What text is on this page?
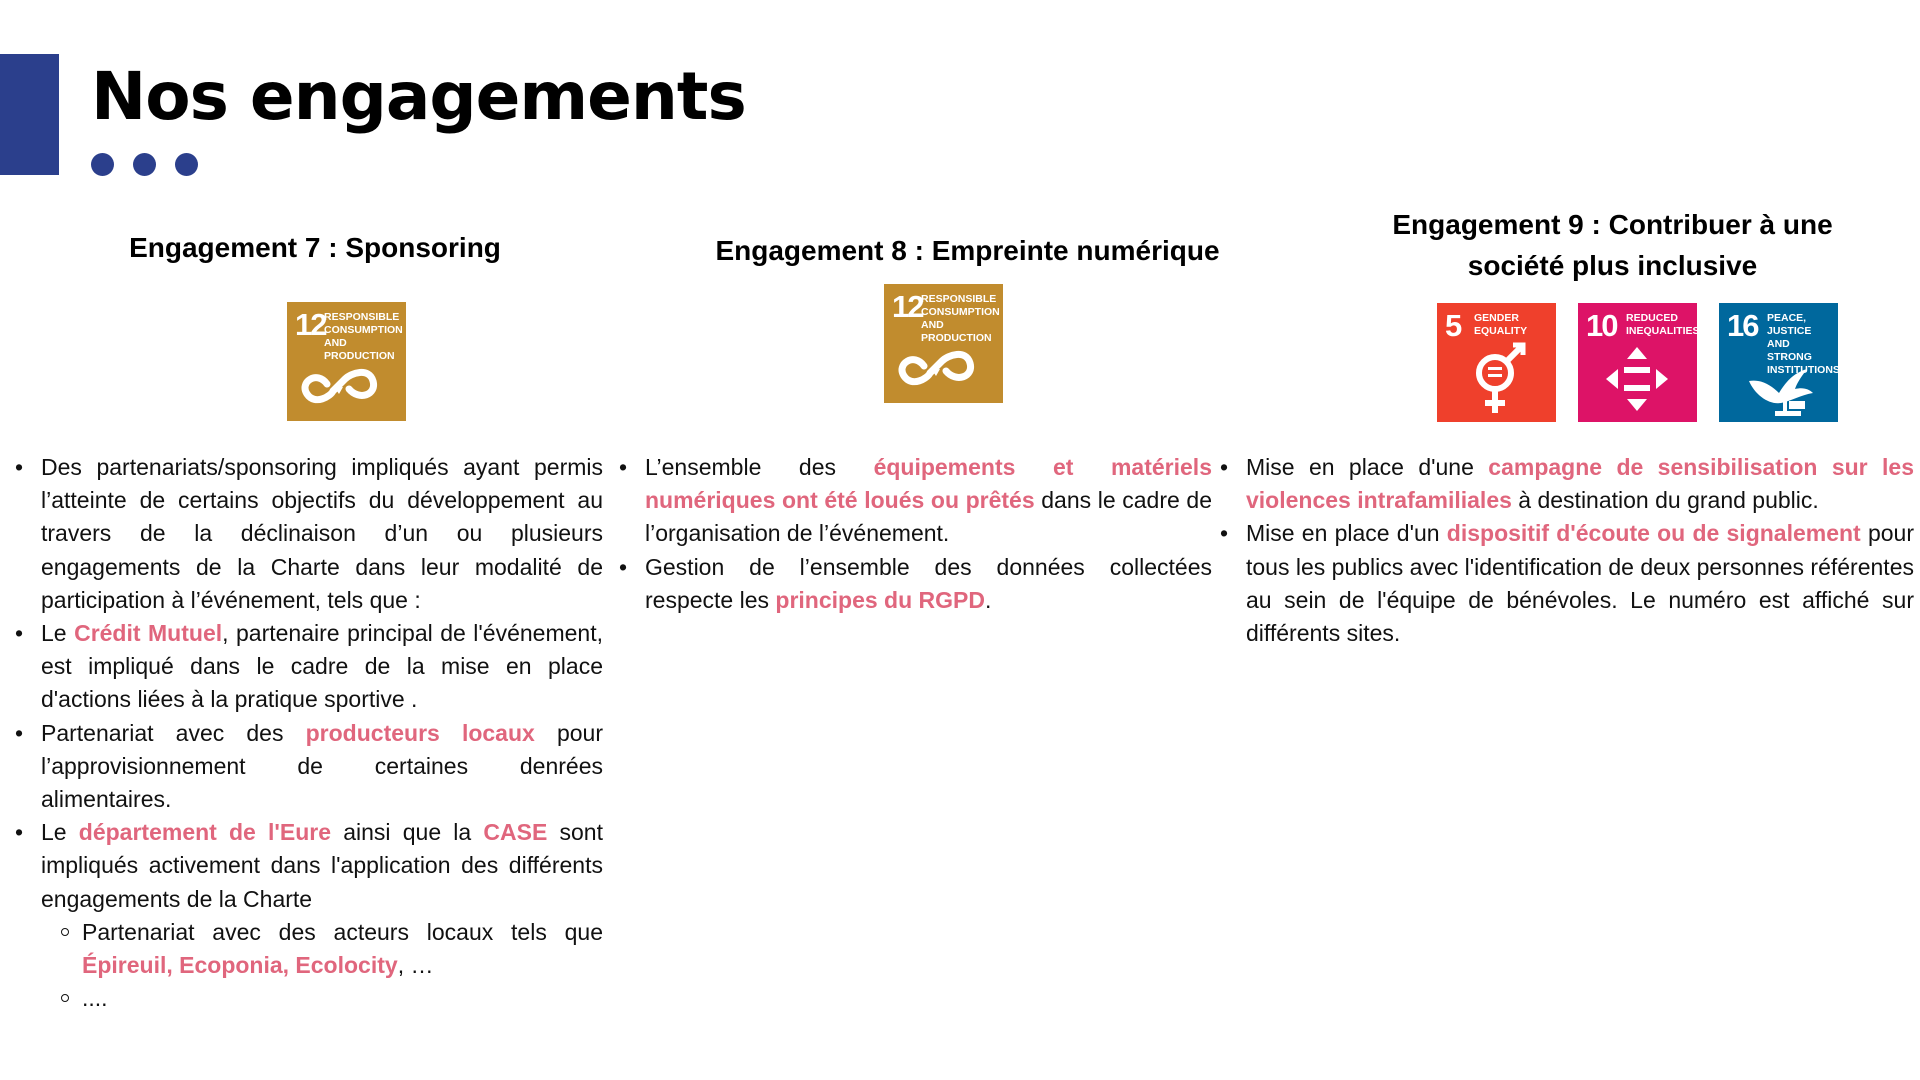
Nos engagements
Engagement 7 : Sponsoring
12
RESPONSIBLE CONSUMPTION AND PRODUCTION
Engagement 8 : Empreinte numérique
12
RESPONSIBLE CONSUMPTION AND PRODUCTION
Engagement 9 : Contribuer à une société plus inclusive
5 GENDER EQUALITY 10 REDUCED INEQUALITIES 16 PEACE, JUSTICE AND STRONG INSTITUTIONS
• Des partenariats/sponsoring impliqués ayant permis l’atteinte de certains objectifs du développement au travers de la déclinaison d’un ou plusieurs engagements de la Charte dans leur modalité de participation à l’événement, tels que :
• Le Crédit Mutuel, partenaire principal de l'événement, est impliqué dans le cadre de la mise en place d'actions liées à la pratique sportive .
• Partenariat avec des producteurs locaux pour l’approvisionnement de certaines denrées alimentaires.
• Le département de l'Eure ainsi que la CASE sont impliqués activement dans l'application des différents engagements de la Charte
Partenariat avec des acteurs locaux tels que Épireuil, Ecoponia, Ecolocity, …
....
• L’ensemble des équipements et matériels numériques ont été loués ou prêtés dans le cadre de l’organisation de l’événement.
• Gestion de l’ensemble des données collectées respecte les principes du RGPD.
• Mise en place d'une campagne de sensibilisation sur les violences intrafamiliales à destination du grand public.
• Mise en place d'un dispositif d'écoute ou de signalement pour tous les publics avec l'identification de deux personnes référentes au sein de l'équipe de bénévoles. Le numéro est affiché sur différents sites.
